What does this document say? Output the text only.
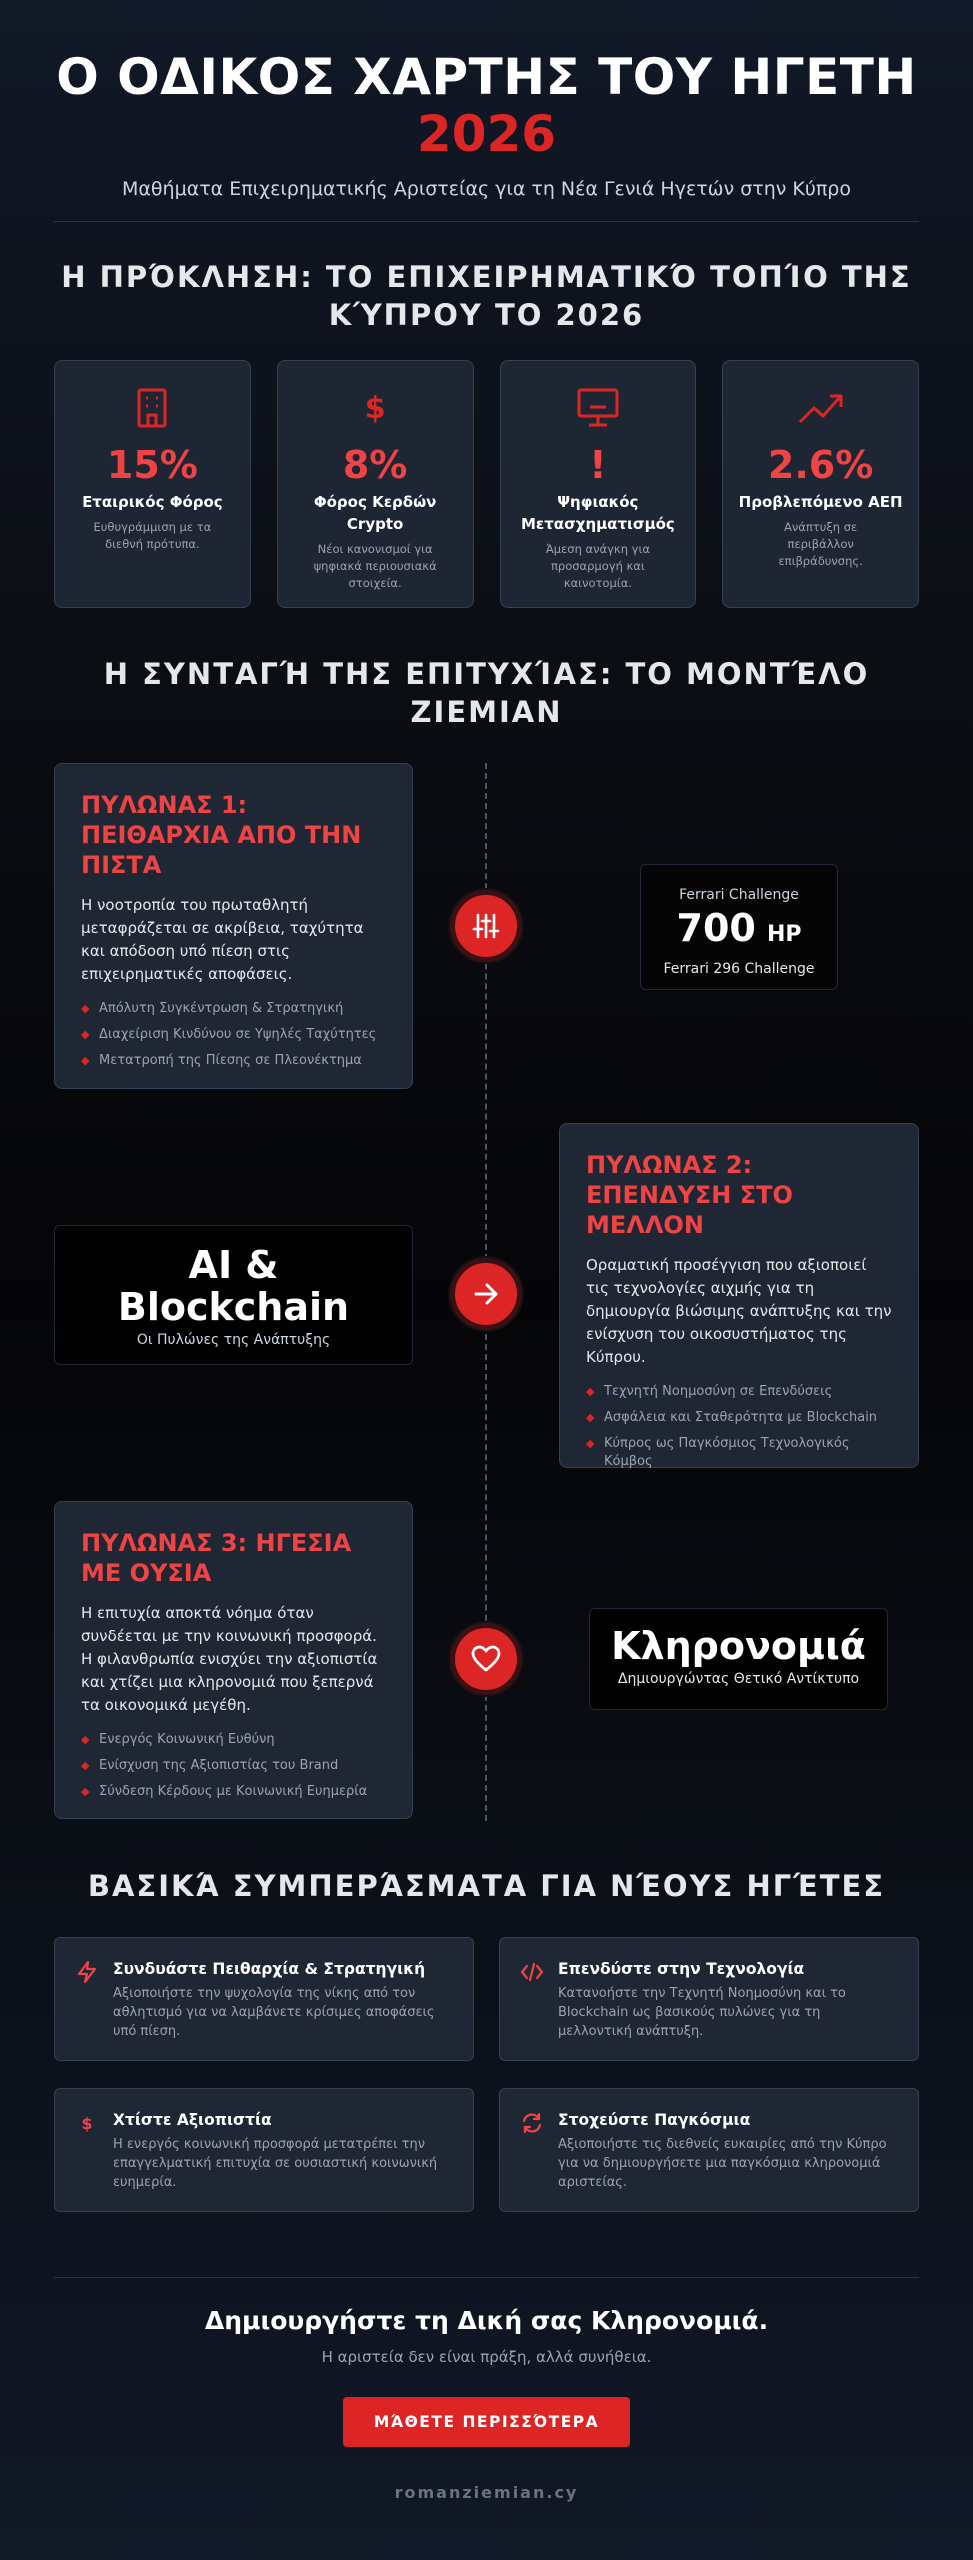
Ο ΟΔΙΚΟΣ ΧΑΡΤΗΣ ΤΟΥ ΗΓΕΤΗ
2026
Μαθήματα Επιχειρηματικής Αριστείας για τη Νέα Γενιά Ηγετών στην Κύπρο
Η ΠΡΌΚΛΗΣΗ: ΤΟ ΕΠΙΧΕΙΡΗΜΑΤΙΚΌ ΤΟΠΊΟ ΤΗΣ
ΚΎΠΡΟΥ ΤΟ 2026
15%
Εταιρικός Φόρος
Ευθυγράμμιση με τα διεθνή πρότυπα.
$
8%
Φόρος Κερδών Crypto
Νέοι κανονισμοί για ψηφιακά περιουσιακά στοιχεία.
!
Ψηφιακός Μετασχηματισμός
Άμεση ανάγκη για προσαρμογή και καινοτομία.
2.6%
Προβλεπόμενο ΑΕΠ
Ανάπτυξη σε περιβάλλον επιβράδυνσης.
Η ΣΥΝΤΑΓΉ ΤΗΣ ΕΠΙΤΥΧΊΑΣ: ΤΟ ΜΟΝΤΈΛΟ
ZIEMIAN
ΠΥΛΩΝΑΣ 1: ΠΕΙΘΑΡΧΙΑ ΑΠΟ ΤΗΝ ΠΙΣΤΑ
Η νοοτροπία του πρωταθλητή μεταφράζεται σε ακρίβεια, ταχύτητα και απόδοση υπό πίεση στις επιχειρηματικές αποφάσεις.
◆ Απόλυτη Συγκέντρωση & Στρατηγική
◆ Διαχείριση Κινδύνου σε Υψηλές Ταχύτητες
◆ Μετατροπή της Πίεσης σε Πλεονέκτημα
Ferrari Challenge
700 HP
Ferrari 296 Challenge
ΠΥΛΩΝΑΣ 2: ΕΠΕΝΔΥΣΗ ΣΤΟ ΜΕΛΛΟΝ
Οραματική προσέγγιση που αξιοποιεί τις τεχνολογίες αιχμής για τη δημιουργία βιώσιμης ανάπτυξης και την ενίσχυση του οικοσυστήματος της Κύπρου.
◆ Τεχνητή Νοημοσύνη σε Επενδύσεις
◆ Ασφάλεια και Σταθερότητα με Blockchain
◆ Κύπρος ως Παγκόσμιος Τεχνολογικός Κόμβος
AI &
Blockchain
Οι Πυλώνες της Ανάπτυξης
ΠΥΛΩΝΑΣ 3: ΗΓΕΣΙΑ ΜΕ ΟΥΣΙΑ
Η επιτυχία αποκτά νόημα όταν συνδέεται με την κοινωνική προσφορά. Η φιλανθρωπία ενισχύει την αξιοπιστία και χτίζει μια κληρονομιά που ξεπερνά τα οικονομικά μεγέθη.
◆ Ενεργός Κοινωνική Ευθύνη
◆ Ενίσχυση της Αξιοπιστίας του Brand
◆ Σύνδεση Κέρδους με Κοινωνική Ευημερία
Κληρονομιά
Δημιουργώντας Θετικό Αντίκτυπο
ΒΑΣΙΚΆ ΣΥΜΠΕΡΆΣΜΑΤΑ ΓΙΑ ΝΈΟΥΣ ΗΓΈΤΕΣ
Συνδυάστε Πειθαρχία & Στρατηγική
Αξιοποιήστε την ψυχολογία της νίκης από τον αθλητισμό για να λαμβάνετε κρίσιμες αποφάσεις υπό πίεση.
Επενδύστε στην Τεχνολογία
Κατανοήστε την Τεχνητή Νοημοσύνη και το Blockchain ως βασικούς πυλώνες για τη μελλοντική ανάπτυξη.
$	Χτίστε Αξιοπιστία
Η ενεργός κοινωνική προσφορά μετατρέπει την επαγγελματική επιτυχία σε ουσιαστική κοινωνική ευημερία.
Στοχεύστε Παγκόσμια
Αξιοποιήστε τις διεθνείς ευκαιρίες από την Κύπρο για να δημιουργήσετε μια παγκόσμια κληρονομιά αριστείας.
Δημιουργήστε τη Δική σας Κληρονομιά.
Η αριστεία δεν είναι πράξη, αλλά συνήθεια.
ΜΆΘΕΤΕ ΠΕΡΙΣΣΌΤΕΡΑ
romanziemian.cy
